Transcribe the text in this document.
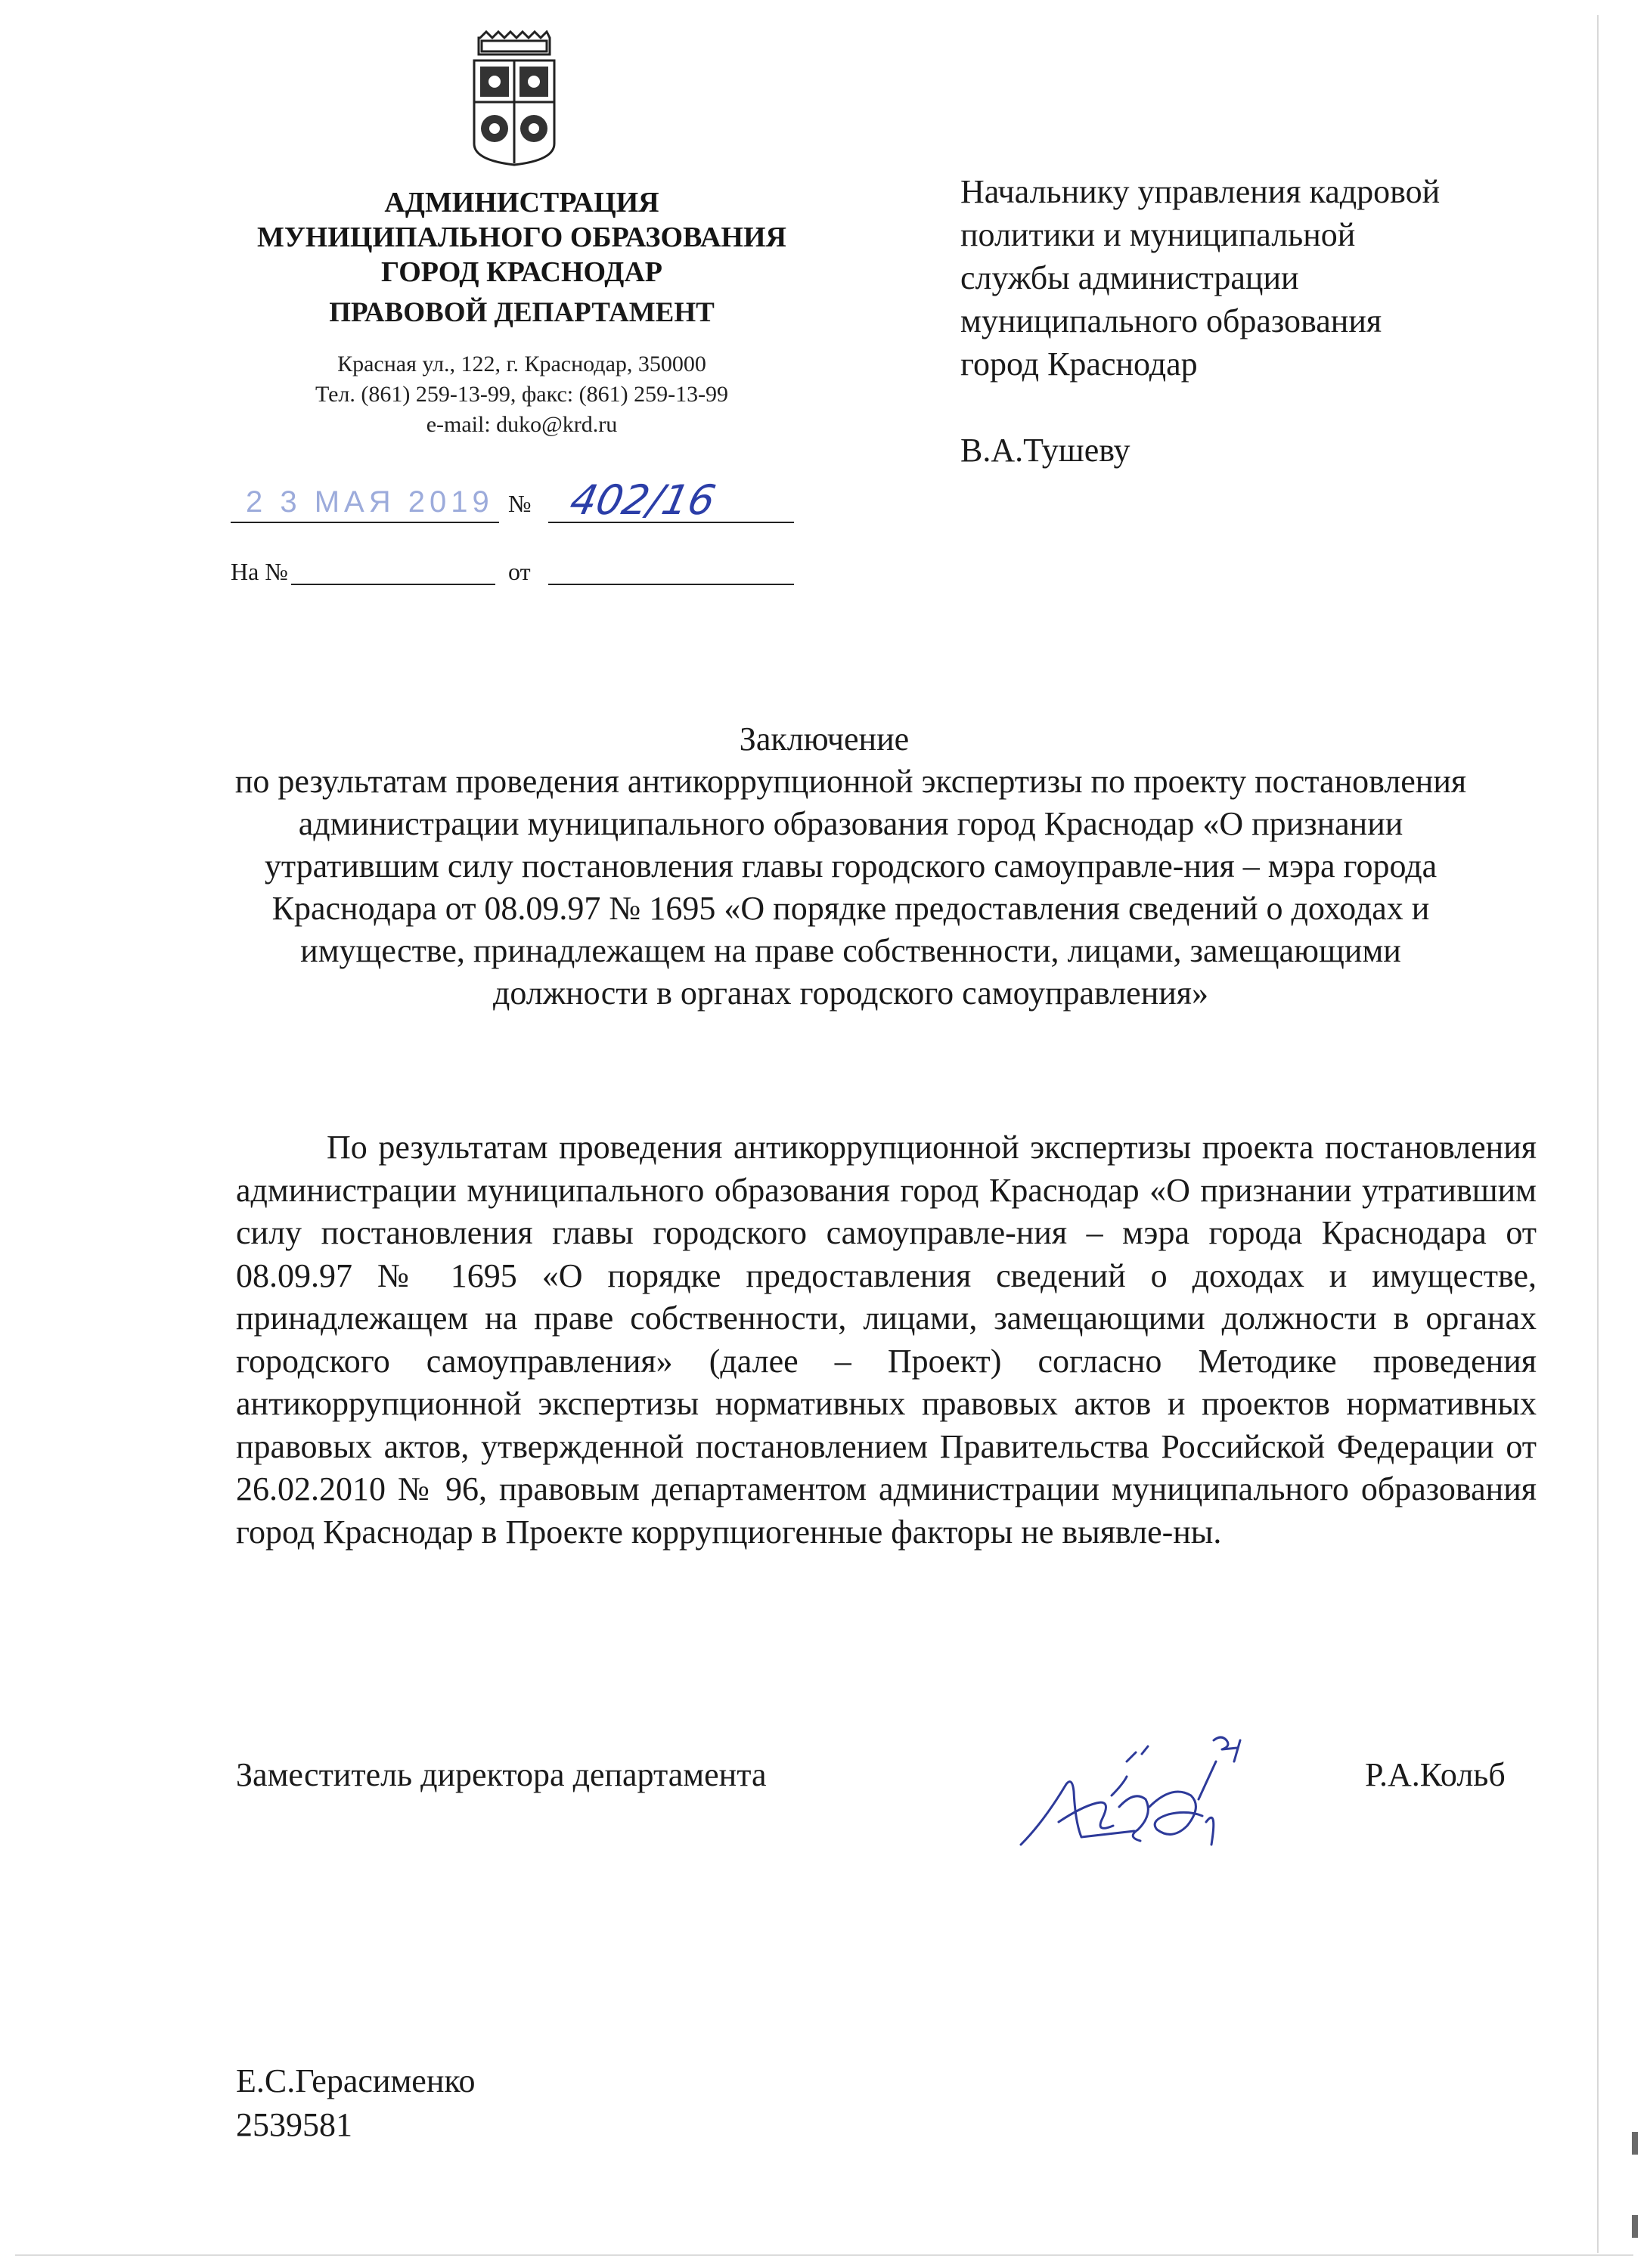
АДМИНИСТРАЦИЯ
МУНИЦИПАЛЬНОГО ОБРАЗОВАНИЯ
ГОРОД КРАСНОДАР
ПРАВОВОЙ ДЕПАРТАМЕНТ
Красная ул., 122, г. Краснодар, 350000
Тел. (861) 259-13-99, факс: (861) 259-13-99
e-mail: duko@krd.ru
2 3 МАЯ 2019 № 402/16
На №	от
Начальнику управления кадровой
политики и муниципальной
службы администрации
муниципального образования
город Краснодар
В.А.Тушеву
Заключение
по результатам проведения антикоррупционной экспертизы по проекту постановления администрации муниципального образования город Краснодар «О признании утратившим силу постановления главы городского самоуправле-ния – мэра города Краснодара от 08.09.97 № 1695 «О порядке предоставления сведений о доходах и имуществе, принадлежащем на праве собственности, лицами, замещающими должности в органах городского самоуправления»
По результатам проведения антикоррупционной экспертизы проекта постановления администрации муниципального образования город Краснодар «О признании утратившим силу постановления главы городского самоуправле-ния – мэра города Краснодара от 08.09.97 № 1695 «О порядке предоставления сведений о доходах и имуществе, принадлежащем на праве собственности, лицами, замещающими должности в органах городского самоуправления» (далее – Проект) согласно Методике проведения антикоррупционной экспертизы нормативных правовых актов и проектов нормативных правовых актов, утвержденной постановлением Правительства Российской Федерации от 26.02.2010 № 96, правовым департаментом администрации муниципального образования город Краснодар в Проекте коррупциогенные факторы не выявле-ны.
Заместитель директора департамента	Р.А.Кольб
Е.С.Герасименко
2539581
